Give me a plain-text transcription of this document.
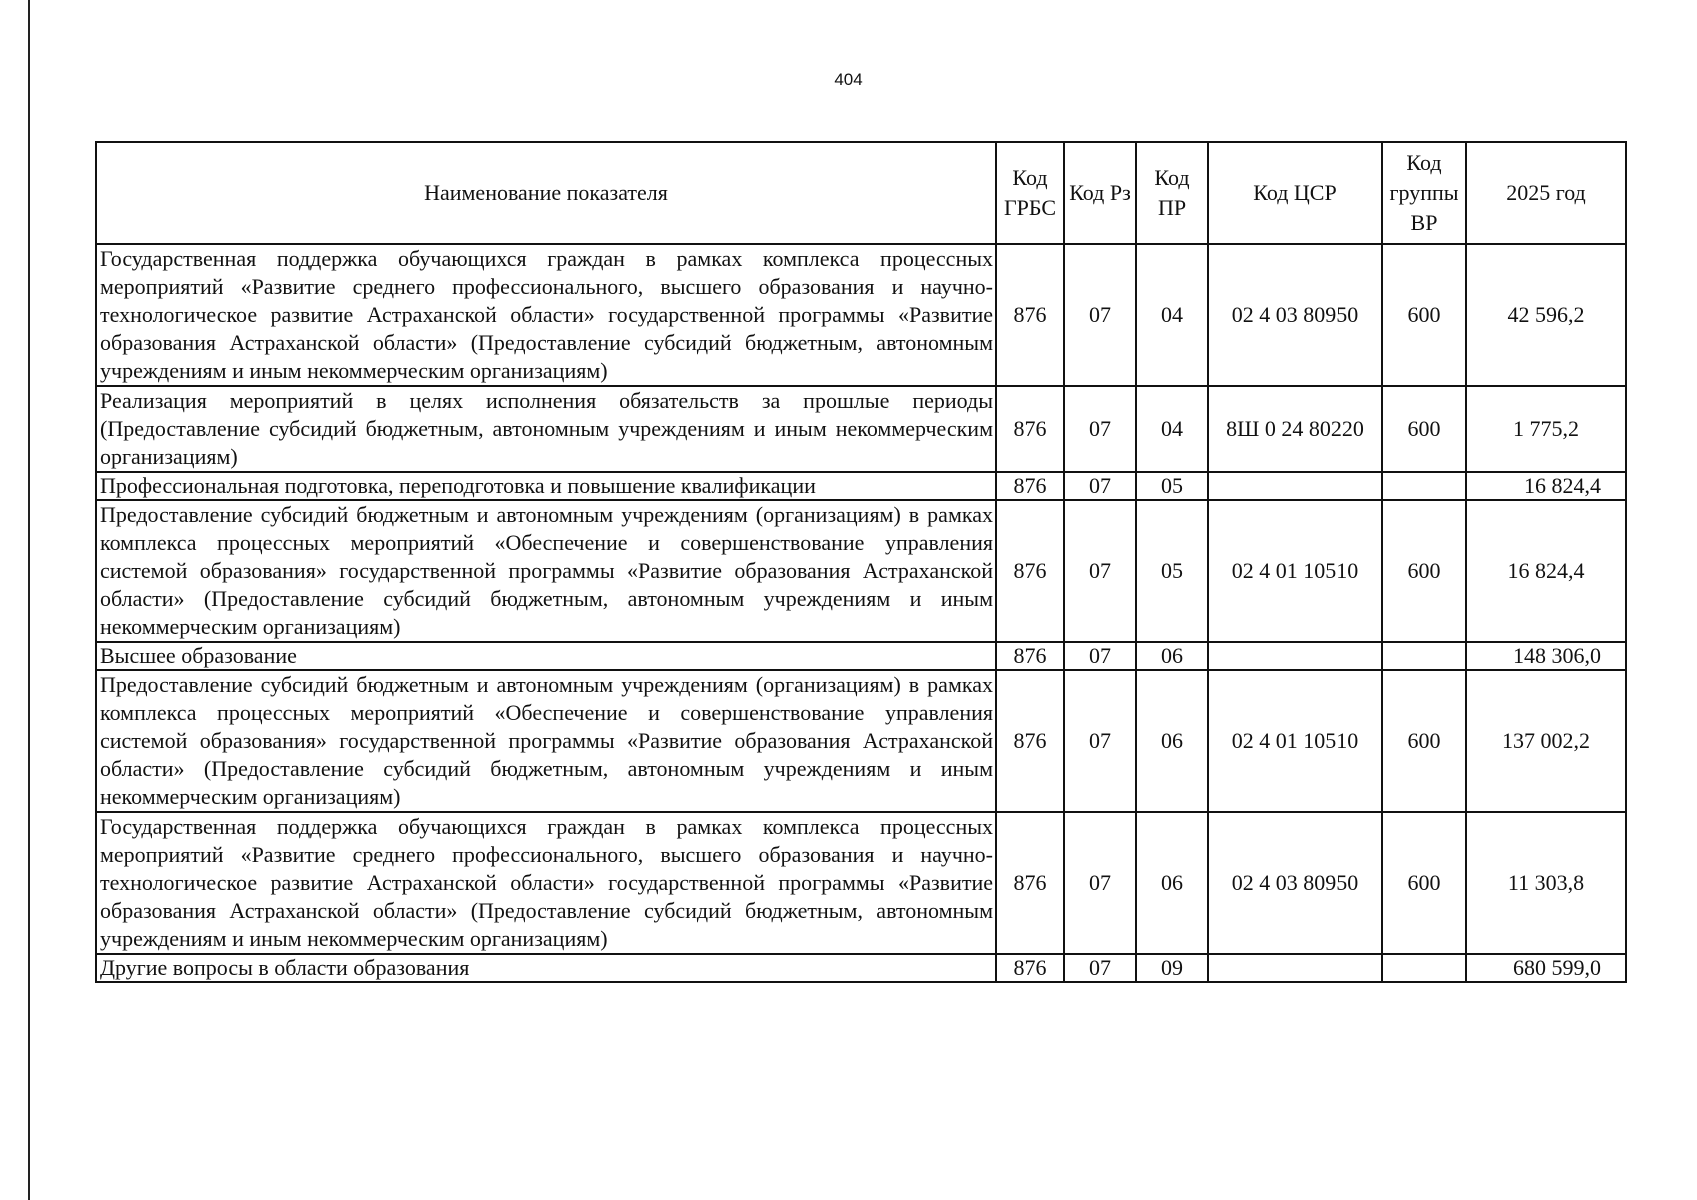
404
Наименование показателя	Код ГРБС	Код Рз	Код ПР	Код ЦСР	Код группы ВР	2025 год
Государственная поддержка обучающихся граждан в рамках комплекса процессных мероприятий «Развитие среднего профессионального, высшего образования и научно-технологическое развитие Астраханской области» государственной программы «Развитие образования Астраханской области» (Предоставление субсидий бюджетным, автономным учреждениям и иным некоммерческим организациям)	876	07	04	02 4 03 80950	600	42 596,2
Реализация мероприятий в целях исполнения обязательств за прошлые периоды (Предоставление субсидий бюджетным, автономным учреждениям и иным некоммерческим организациям)	876	07	04	8Ш 0 24 80220	600	1 775,2
Профессиональная подготовка, переподготовка и повышение квалификации	876	07	05			16 824,4
Предоставление субсидий бюджетным и автономным учреждениям (организациям) в рамках комплекса процессных мероприятий «Обеспечение и совершенствование управления системой образования» государственной программы «Развитие образования Астраханской области» (Предоставление субсидий бюджетным, автономным учреждениям и иным некоммерческим организациям)	876	07	05	02 4 01 10510	600	16 824,4
Высшее образование	876	07	06			148 306,0
Предоставление субсидий бюджетным и автономным учреждениям (организациям) в рамках комплекса процессных мероприятий «Обеспечение и совершенствование управления системой образования» государственной программы «Развитие образования Астраханской области» (Предоставление субсидий бюджетным, автономным учреждениям и иным некоммерческим организациям)	876	07	06	02 4 01 10510	600	137 002,2
Государственная поддержка обучающихся граждан в рамках комплекса процессных мероприятий «Развитие среднего профессионального, высшего образования и научно-технологическое развитие Астраханской области» государственной программы «Развитие образования Астраханской области» (Предоставление субсидий бюджетным, автономным учреждениям и иным некоммерческим организациям)	876	07	06	02 4 03 80950	600	11 303,8
Другие вопросы в области образования	876	07	09			680 599,0
